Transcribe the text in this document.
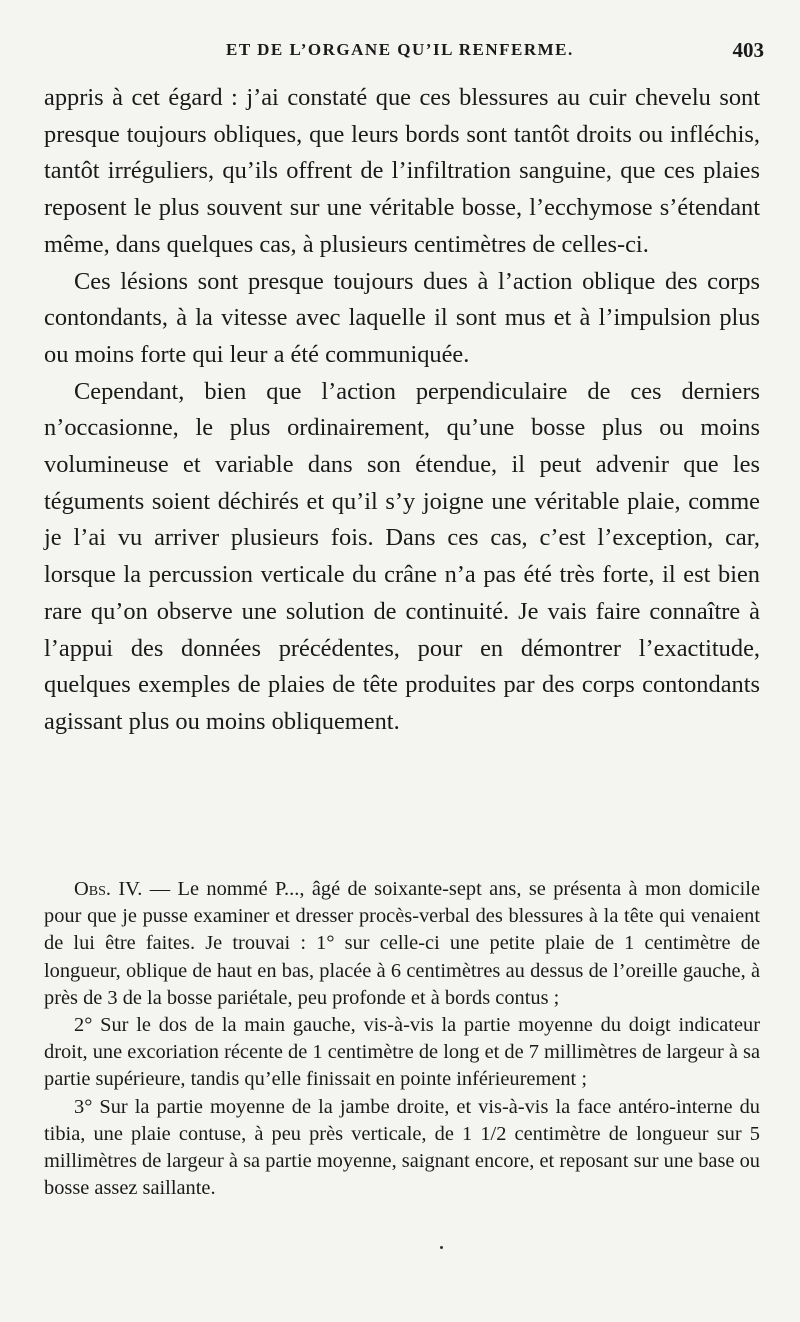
ET DE L’ORGANE QU’IL RENFERME.	403

appris à cet égard : j’ai constaté que ces blessures au cuir chevelu sont presque toujours obliques, que leurs bords sont tantôt droits ou infléchis, tantôt irréguliers, qu’ils offrent de l’infiltration sanguine, que ces plaies reposent le plus souvent sur une véritable bosse, l’ecchymose s’étendant même, dans quelques cas, à plusieurs centimètres de celles-ci.

Ces lésions sont presque toujours dues à l’action oblique des corps contondants, à la vitesse avec laquelle il sont mus et à l’impulsion plus ou moins forte qui leur a été communiquée.

Cependant, bien que l’action perpendiculaire de ces derniers n’occasionne, le plus ordinairement, qu’une bosse plus ou moins volumineuse et variable dans son étendue, il peut advenir que les téguments soient déchirés et qu’il s’y joigne une véritable plaie, comme je l’ai vu arriver plusieurs fois. Dans ces cas, c’est l’exception, car, lorsque la percussion verticale du crâne n’a pas été très forte, il est bien rare qu’on observe une solution de continuité. Je vais faire connaître à l’appui des données précédentes, pour en démontrer l’exactitude, quelques exemples de plaies de tête produites par des corps contondants agissant plus ou moins obliquement.

Obs. IV. — Le nommé P..., âgé de soixante-sept ans, se présenta à mon domicile pour que je pusse examiner et dresser procès-verbal des blessures à la tête qui venaient de lui être faites. Je trouvai : 1° sur celle-ci une petite plaie de 1 centimètre de longueur, oblique de haut en bas, placée à 6 centimètres au dessus de l’oreille gauche, à près de 3 de la bosse pariétale, peu profonde et à bords contus ;

2° Sur le dos de la main gauche, vis-à-vis la partie moyenne du doigt indicateur droit, une excoriation récente de 1 centimètre de long et de 7 millimètres de largeur à sa partie supérieure, tandis qu’elle finissait en pointe inférieurement ;

3° Sur la partie moyenne de la jambe droite, et vis-à-vis la face antéro-interne du tibia, une plaie contuse, à peu près verticale, de 1 1/2 centimètre de longueur sur 5 millimètres de largeur à sa partie moyenne, saignant encore, et reposant sur une base ou bosse assez saillante.
